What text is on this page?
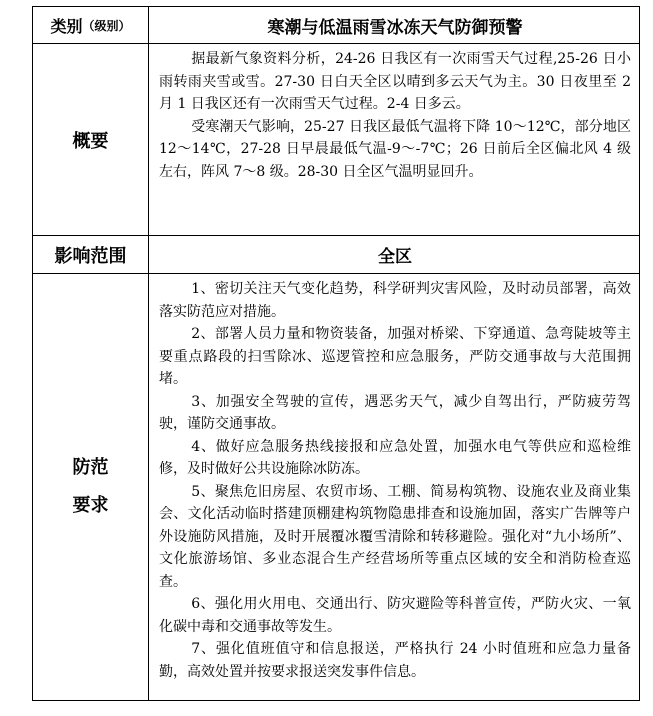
类别 （级别）	寒潮与低温雨雪冰冻天气防御预警
概要

据最新气象资料分析，24-26 日我区有一次雨雪天气过程,25-26 日小雨转雨夹雪或雪。27-30 日白天全区以晴到多云天气为主。30 日夜里至 2 月 1 日我区还有一次雨雪天气过程。2-4 日多云。

受寒潮天气影响，25-27 日我区最低气温将下降 10～12℃，部分地区 12～14℃，27-28 日早晨最低气温-9～-7℃；26 日前后全区偏北风 4 级左右，阵风 7～8 级。28-30 日全区气温明显回升。

影响范围	全区
防范
要求

1、密切关注天气变化趋势，科学研判灾害风险，及时动员部署，高效落实防范应对措施。

2、部署人员力量和物资装备，加强对桥梁、下穿通道、急弯陡坡等主要重点路段的扫雪除冰、巡逻管控和应急服务，严防交通事故与大范围拥堵。

3、加强安全驾驶的宣传，遇恶劣天气，减少自驾出行，严防疲劳驾驶，谨防交通事故。

4、做好应急服务热线接报和应急处置，加强水电气等供应和巡检维修，及时做好公共设施除冰防冻。

5、聚焦危旧房屋、农贸市场、工棚、简易构筑物、设施农业及商业集会、文化活动临时搭建顶棚建构筑物隐患排查和设施加固，落实广告牌等户外设施防风措施，及时开展覆冰覆雪清除和转移避险。强化对“九小场所”、文化旅游场馆、多业态混合生产经营场所等重点区域的安全和消防检查巡查。

6、强化用火用电、交通出行、防灾避险等科普宣传，严防火灾、一氧化碳中毒和交通事故等发生。

7、强化值班值守和信息报送，严格执行 24 小时值班和应急力量备勤，高效处置并按要求报送突发事件信息。
